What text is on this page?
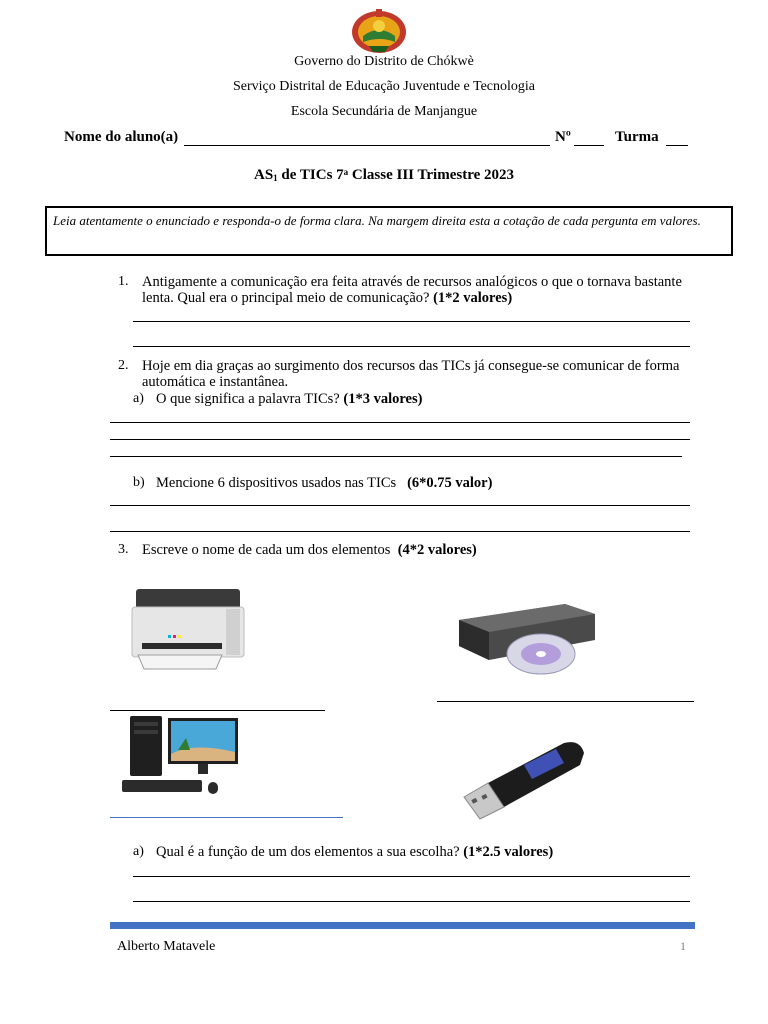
Governo do Distrito de Chókwè
Serviço Distrital de Educação Juventude e Tecnologia
Escola Secundária de Manjangue
Nome do aluno(a)	Nº	Turma
$AS_1$ de TICs 7$^a$ Classe III Trimestre 2023
Leia atentamente o enunciado e responda-o de forma clara. Na margem direita esta a cotação de cada pergunta em valores.
1. Antigamente a comunicação era feita através de recursos analógicos o que o tornava bastante lenta. Qual era o principal meio de comunicação? (1*2 valores)
2. Hoje em dia graças ao surgimento dos recursos das TICs já consegue-se comunicar de forma automática e instantânea.
a) O que significa a palavra TICs? (1*3 valores)
b) Mencione 6 dispositivos usados nas TICs (6*0.75 valor)
3. Escreve o nome de cada um dos elementos (4*2 valores)
a) Qual é a função de um dos elementos a sua escolha? (1*2.5 valores)
Alberto Matavele	1
